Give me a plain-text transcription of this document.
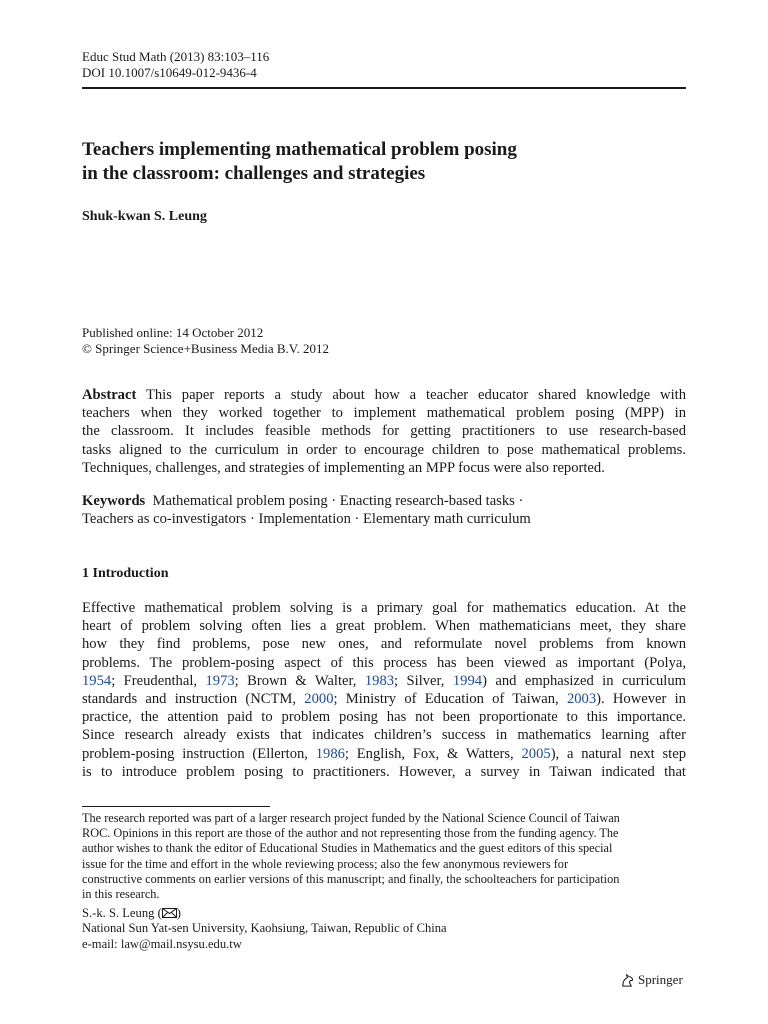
Educ Stud Math (2013) 83:103–116
DOI 10.1007/s10649-012-9436-4
Teachers implementing mathematical problem posing
in the classroom: challenges and strategies
Shuk-kwan S. Leung
Published online: 14 October 2012
© Springer Science+Business Media B.V. 2012
Abstract This paper reports a study about how a teacher educator shared knowledge with
teachers when they worked together to implement mathematical problem posing (MPP) in
the classroom. It includes feasible methods for getting practitioners to use research-based
tasks aligned to the curriculum in order to encourage children to pose mathematical problems.
Techniques, challenges, and strategies of implementing an MPP focus were also reported.
Keywords Mathematical problem posing · Enacting research-based tasks ·
Teachers as co-investigators · Implementation · Elementary math curriculum
1 Introduction
Effective mathematical problem solving is a primary goal for mathematics education. At the
heart of problem solving often lies a great problem. When mathematicians meet, they share
how they find problems, pose new ones, and reformulate novel problems from known
problems. The problem-posing aspect of this process has been viewed as important (Polya,
1954; Freudenthal, 1973; Brown & Walter, 1983; Silver, 1994) and emphasized in curriculum
standards and instruction (NCTM, 2000; Ministry of Education of Taiwan, 2003). However in
practice, the attention paid to problem posing has not been proportionate to this importance.
Since research already exists that indicates children’s success in mathematics learning after
problem-posing instruction (Ellerton, 1986; English, Fox, & Watters, 2005), a natural next step
is to introduce problem posing to practitioners. However, a survey in Taiwan indicated that
The research reported was part of a larger research project funded by the National Science Council of Taiwan
ROC. Opinions in this report are those of the author and not representing those from the funding agency. The
author wishes to thank the editor of Educational Studies in Mathematics and the guest editors of this special
issue for the time and effort in the whole reviewing process; also the few anonymous reviewers for
constructive comments on earlier versions of this manuscript; and finally, the schoolteachers for participation
in this research.
S.-k. S. Leung ( )
National Sun Yat-sen University, Kaohsiung, Taiwan, Republic of China
e-mail: law@mail.nsysu.edu.tw
Springer
